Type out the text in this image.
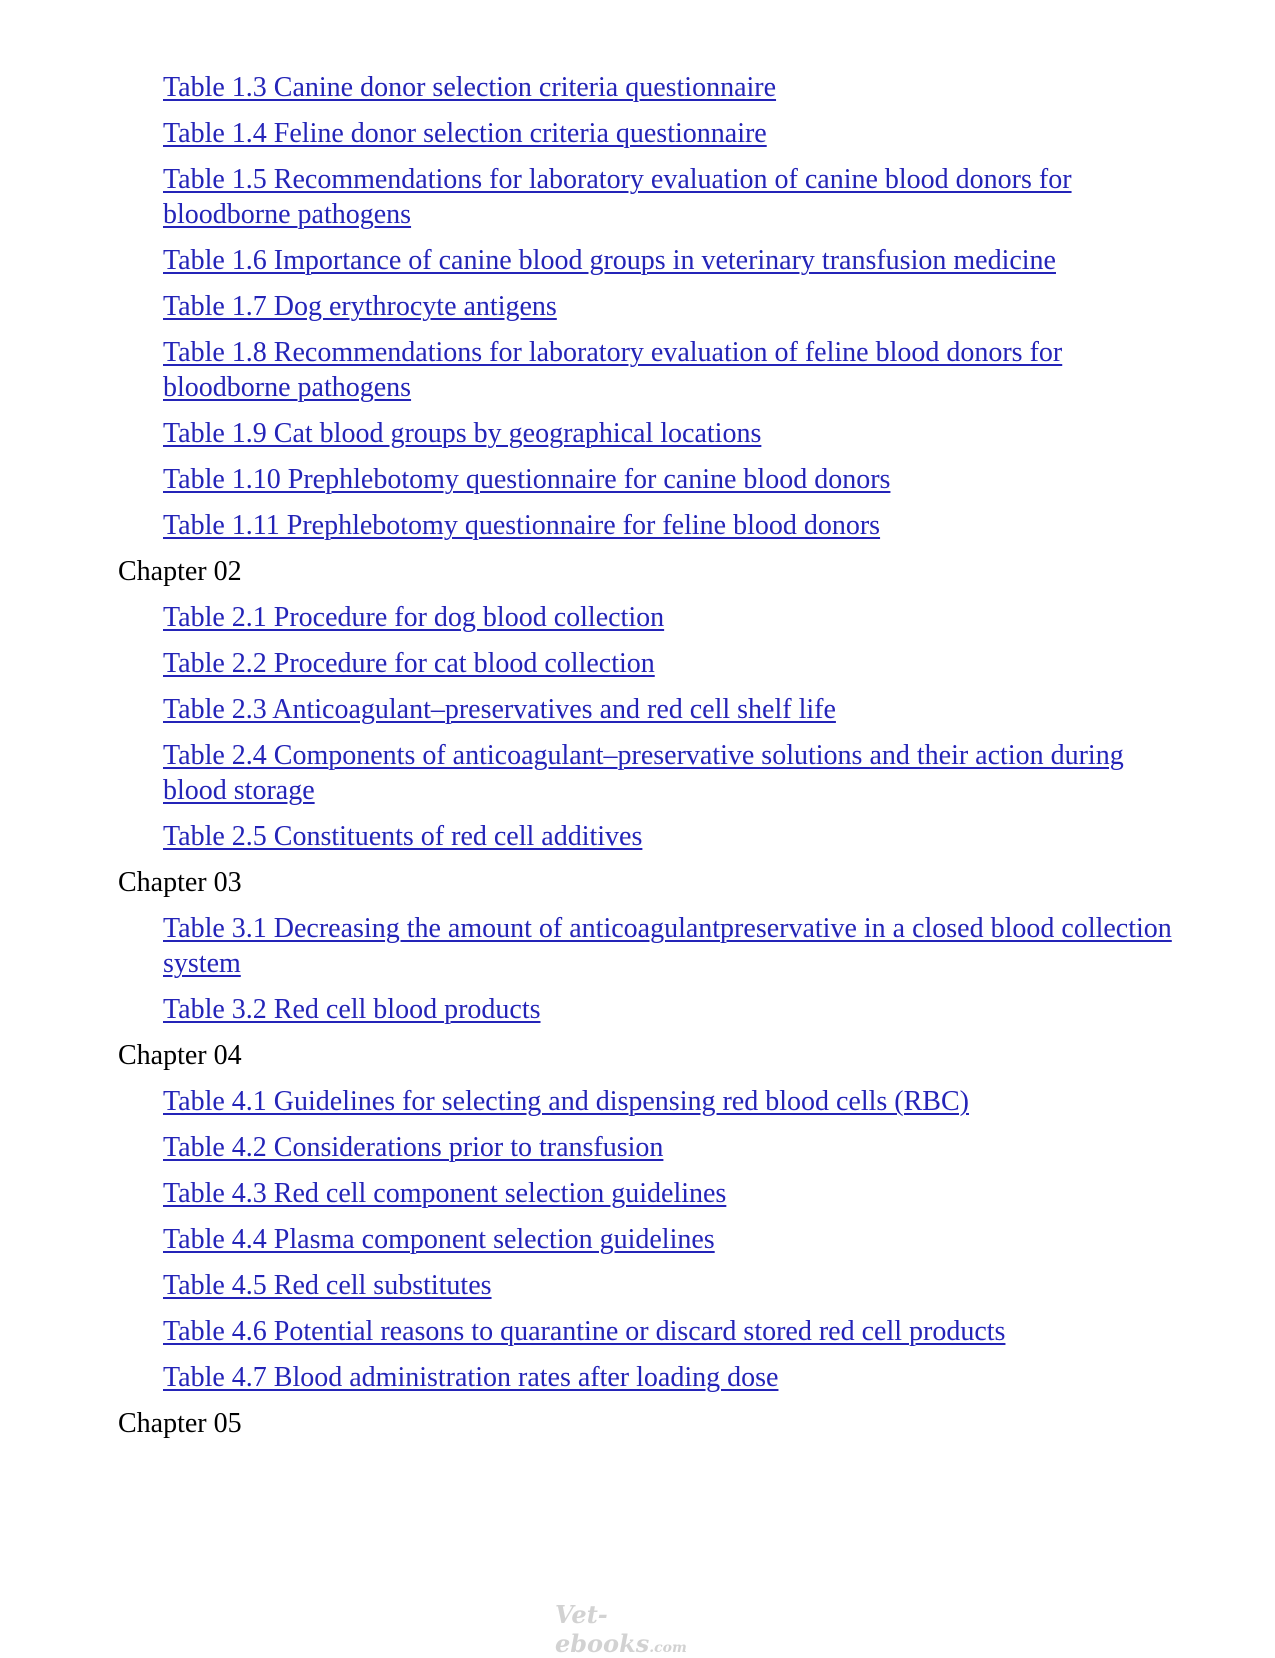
Table 1.3 Canine donor selection criteria questionnaire
Table 1.4 Feline donor selection criteria questionnaire
Table 1.5 Recommendations for laboratory evaluation of canine blood donors for bloodborne pathogens
Table 1.6 Importance of canine blood groups in veterinary transfusion medicine
Table 1.7 Dog erythrocyte antigens
Table 1.8 Recommendations for laboratory evaluation of feline blood donors for bloodborne pathogens
Table 1.9 Cat blood groups by geographical locations
Table 1.10 Prephlebotomy questionnaire for canine blood donors
Table 1.11 Prephlebotomy questionnaire for feline blood donors
Chapter 02
Table 2.1 Procedure for dog blood collection
Table 2.2 Procedure for cat blood collection
Table 2.3 Anticoagulant–preservatives and red cell shelf life
Table 2.4 Components of anticoagulant–preservative solutions and their action during blood storage
Table 2.5 Constituents of red cell additives
Chapter 03
Table 3.1 Decreasing the amount of anticoagulantpreservative in a closed blood collection system
Table 3.2 Red cell blood products
Chapter 04
Table 4.1 Guidelines for selecting and dispensing red blood cells (RBC)
Table 4.2 Considerations prior to transfusion
Table 4.3 Red cell component selection guidelines
Table 4.4 Plasma component selection guidelines
Table 4.5 Red cell substitutes
Table 4.6 Potential reasons to quarantine or discard stored red cell products
Table 4.7 Blood administration rates after loading dose
Chapter 05
Vet-ebooks.com
